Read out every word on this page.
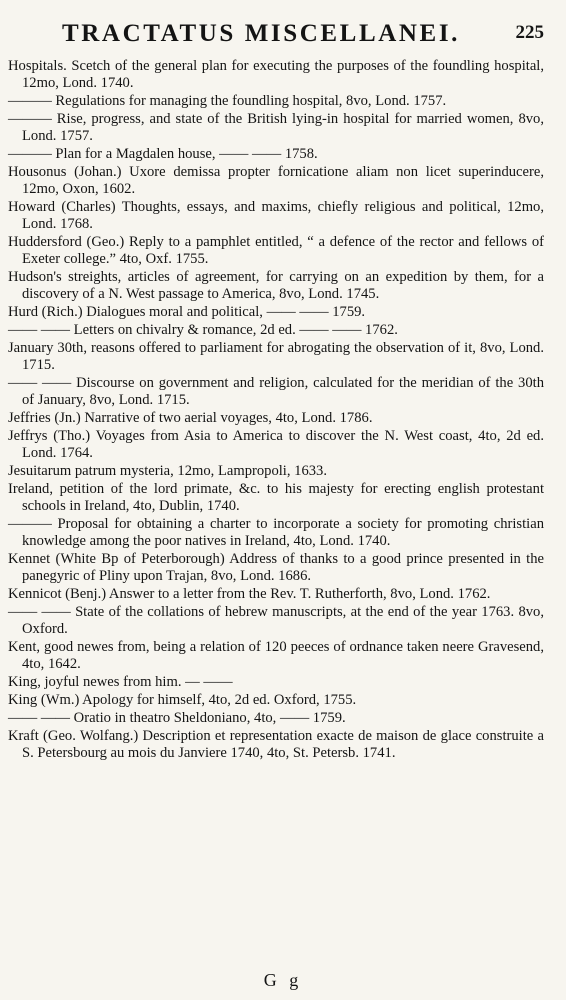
TRACTATUS MISCELLANEI.	225

Hospitals. Scetch of the general plan for executing the purposes of the foundling hospital, 12mo, Lond. 1740.

——— Regulations for managing the foundling hospital, 8vo, Lond. 1757.

——— Rise, progress, and state of the British lying-in hospital for married women, 8vo, Lond. 1757.

——— Plan for a Magdalen house, —— —— 1758.

Housonus (Johan.) Uxore demissa propter fornicatione aliam non licet superinducere, 12mo, Oxon, 1602.

Howard (Charles) Thoughts, essays, and maxims, chiefly religious and political, 12mo, Lond. 1768.

Huddersford (Geo.) Reply to a pamphlet entitled, “ a defence of the rector and fellows of Exeter college.” 4to, Oxf. 1755.

Hudson's streights, articles of agreement, for carrying on an expedition by them, for a discovery of a N. West passage to America, 8vo, Lond. 1745.

Hurd (Rich.) Dialogues moral and political, —— —— 1759.

—— —— Letters on chivalry & romance, 2d ed. —— —— 1762.

January 30th, reasons offered to parliament for abrogating the observation of it, 8vo, Lond. 1715.

—— —— Discourse on government and religion, calculated for the meridian of the 30th of January, 8vo, Lond. 1715.

Jeffries (Jn.) Narrative of two aerial voyages, 4to, Lond. 1786.

Jeffrys (Tho.) Voyages from Asia to America to discover the N. West coast, 4to, 2d ed. Lond. 1764.

Jesuitarum patrum mysteria, 12mo, Lampropoli, 1633.

Ireland, petition of the lord primate, &c. to his majesty for erecting english protestant schools in Ireland, 4to, Dublin, 1740.

——— Proposal for obtaining a charter to incorporate a society for promoting christian knowledge among the poor natives in Ireland, 4to, Lond. 1740.

Kennet (White Bp of Peterborough) Address of thanks to a good prince presented in the panegyric of Pliny upon Trajan, 8vo, Lond. 1686.

Kennicot (Benj.) Answer to a letter from the Rev. T. Rutherforth, 8vo, Lond. 1762.

—— —— State of the collations of hebrew manuscripts, at the end of the year 1763. 8vo, Oxford.

Kent, good newes from, being a relation of 120 peeces of ordnance taken neere Gravesend, 4to, 1642.

King, joyful newes from him. — ——

King (Wm.) Apology for himself, 4to, 2d ed. Oxford, 1755.

—— —— Oratio in theatro Sheldoniano, 4to, —— 1759.

Kraft (Geo. Wolfang.) Description et representation exacte de maison de glace construite a S. Petersbourg au mois du Janviere 1740, 4to, St. Petersb. 1741.

G g
